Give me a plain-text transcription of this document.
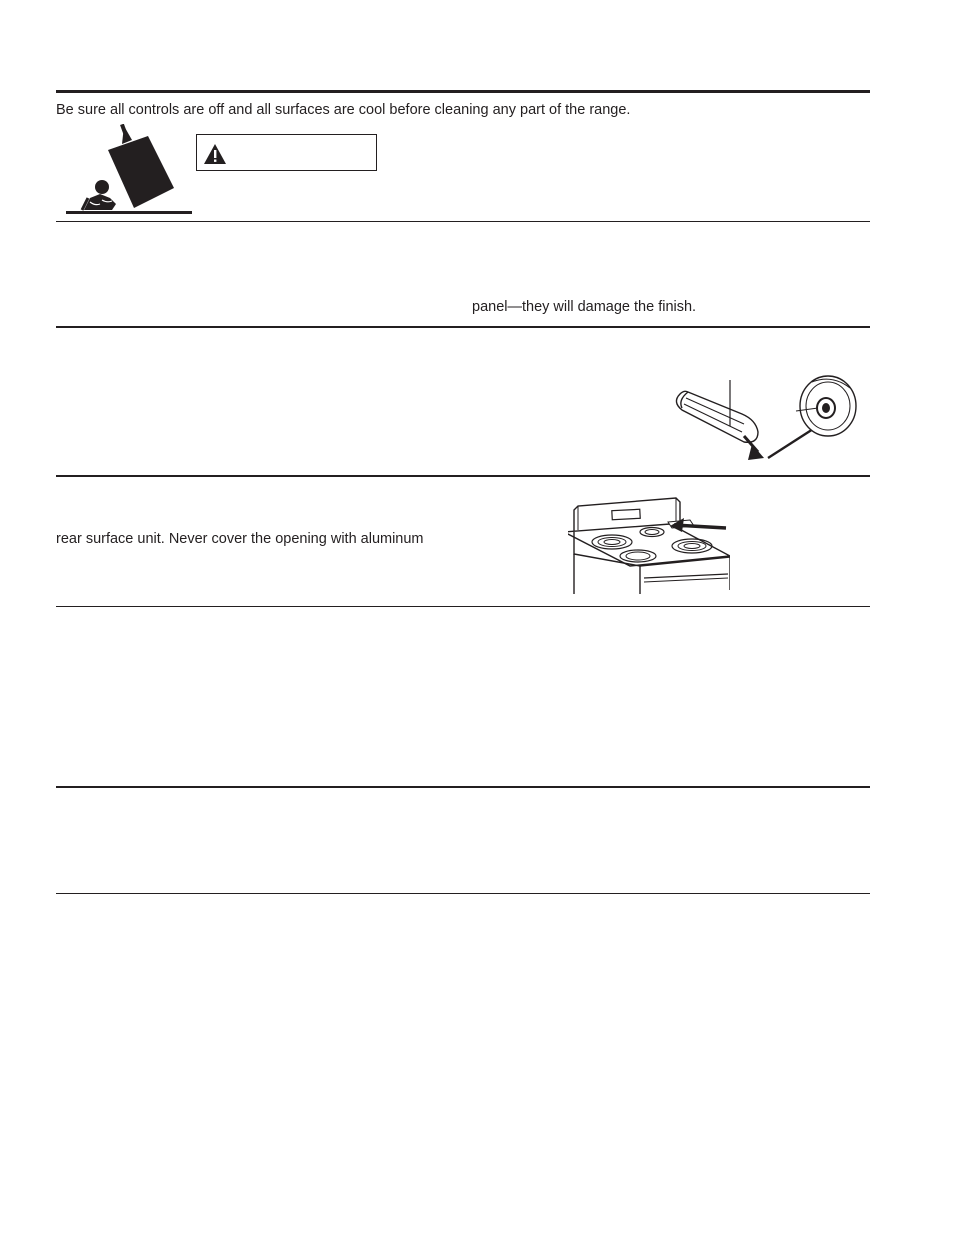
Be sure all controls are off and all surfaces are cool before cleaning any part of the range.
panel—they will damage the finish.
rear surface unit. Never cover the opening with aluminum
